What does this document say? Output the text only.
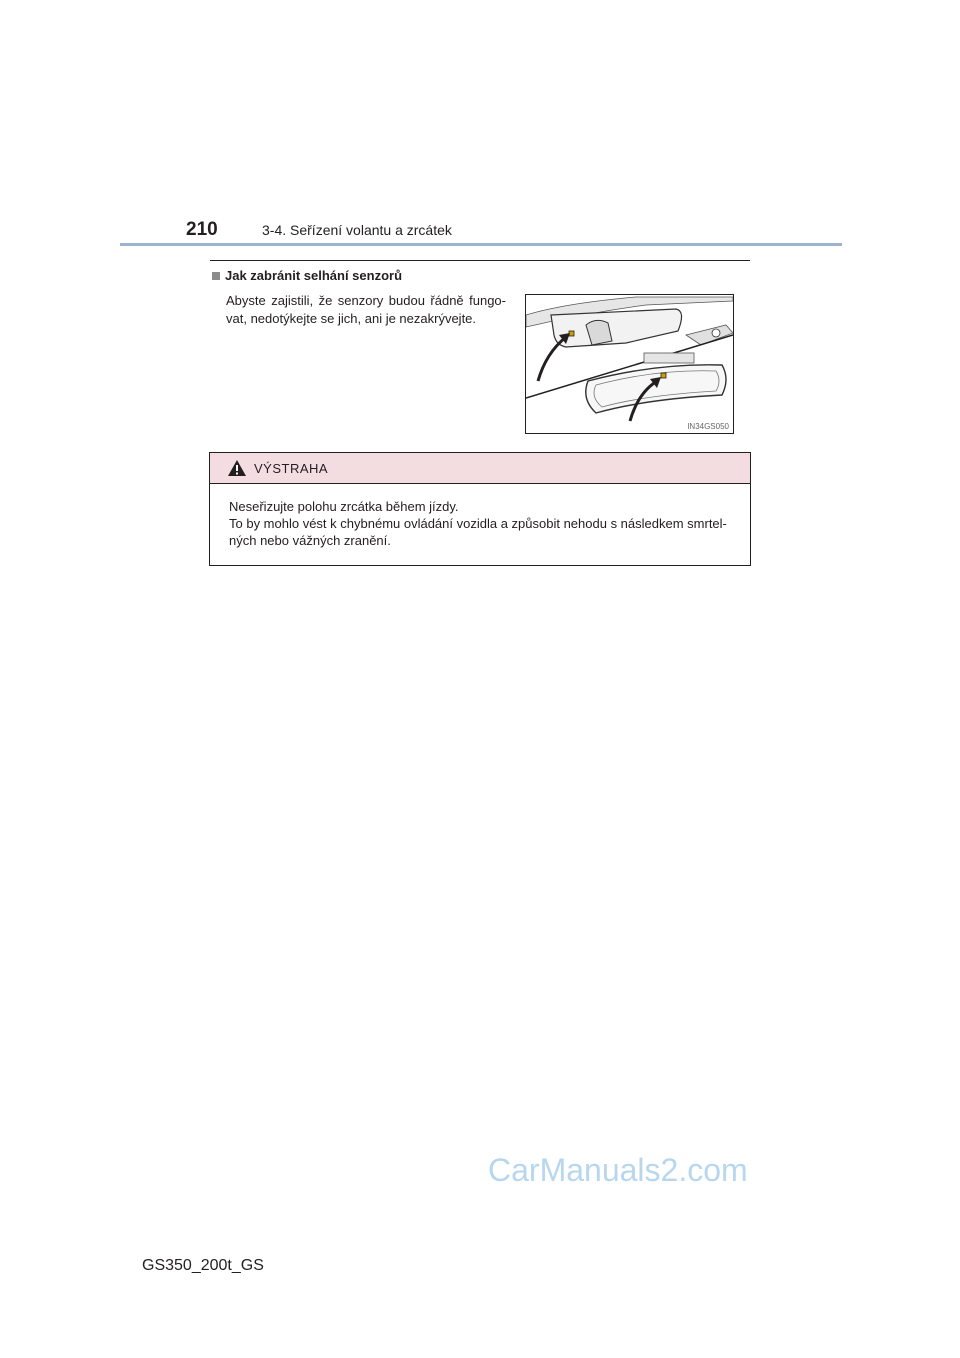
210	3-4. Seřízení volantu a zrcátek
Jak zabránit selhání senzorů
Abyste zajistili, že senzory budou řádně fungo-vat, nedotýkejte se jich, ani je nezakrývejte.
IN34GS050
VÝSTRAHA
Neseřizujte polohu zrcátka během jízdy.
To by mohlo vést k chybnému ovládání vozidla a způsobit nehodu s následkem smrtel-ných nebo vážných zranění.
CarManuals2.com
GS350_200t_GS
